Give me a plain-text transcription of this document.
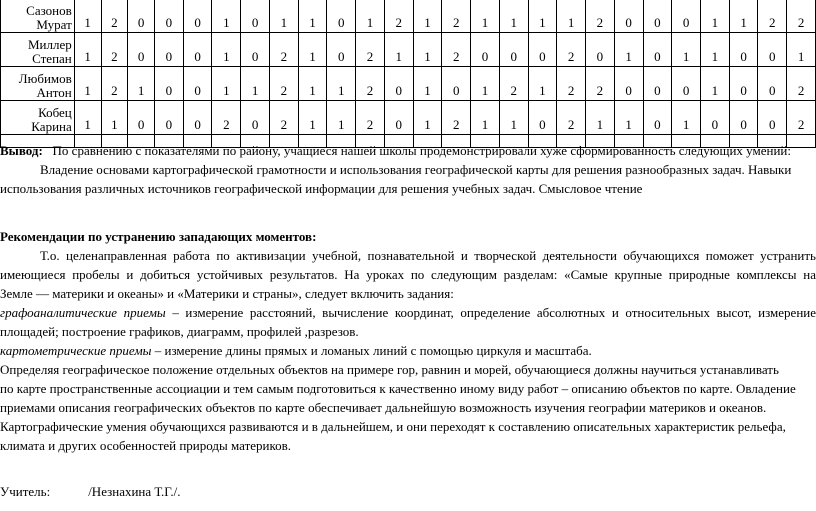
Сазонов
Мурат	1	2	0	0	0	1	0	1	1	0	1	2	1	2	1	1	1	1	2	0	0	0	1	1	2	2

Миллер
Степан	1	2	0	0	0	1	0	2	1	0	2	1	1	2	0	0	0	2	0	1	0	1	1	0	0	1

Любимов
Антон	1	2	1	0	0	1	1	2	1	1	2	0	1	0	1	2	1	2	2	0	0	0	1	0	0	2

Кобец
Карина	1	1	0	0	0	2	0	2	1	1	2	0	1	2	1	1	0	2	1	1	0	1	0	0	0	2

Вывод: По сравнению с показателями по району, учащиеся нашей школы продемонстрировали хуже сформированность следующих умений:
Владение основами картографической грамотности и использования географической карты для решения разнообразных задач. Навыки
использования различных источников географической информации для решения учебных задач. Смысловое чтение
Рекомендации по устранению западающих моментов:
Т.о. целенаправленная работа по активизации учебной, познавательной и творческой деятельности обучающихся поможет устранить
имеющиеся пробелы и добиться устойчивых результатов. На уроках по следующим разделам: «Самые крупные природные комплексы на
Земле — материки и океаны» и «Материки и страны», следует включить задания:
графоаналитические приемы – измерение расстояний, вычисление координат, определение абсолютных и относительных высот, измерение
площадей; построение графиков, диаграмм, профилей ,разрезов.
картометрические приемы – измерение длины прямых и ломаных линий с помощью циркуля и масштаба.
Определяя географическое положение отдельных объектов на примере гор, равнин и морей, обучающиеся должны научиться устанавливать
по карте пространственные ассоциации и тем самым подготовиться к качественно иному виду работ – описанию объектов по карте. Овладение
приемами описания географических объектов по карте обеспечивает дальнейшую возможность изучения географии материков и океанов.
Картографические умения обучающихся развиваются и в дальнейшем, и они переходят к составлению описательных характеристик рельефа,
климата и других особенностей природы материков.
Учитель:	/Незнахина Т.Г./.
